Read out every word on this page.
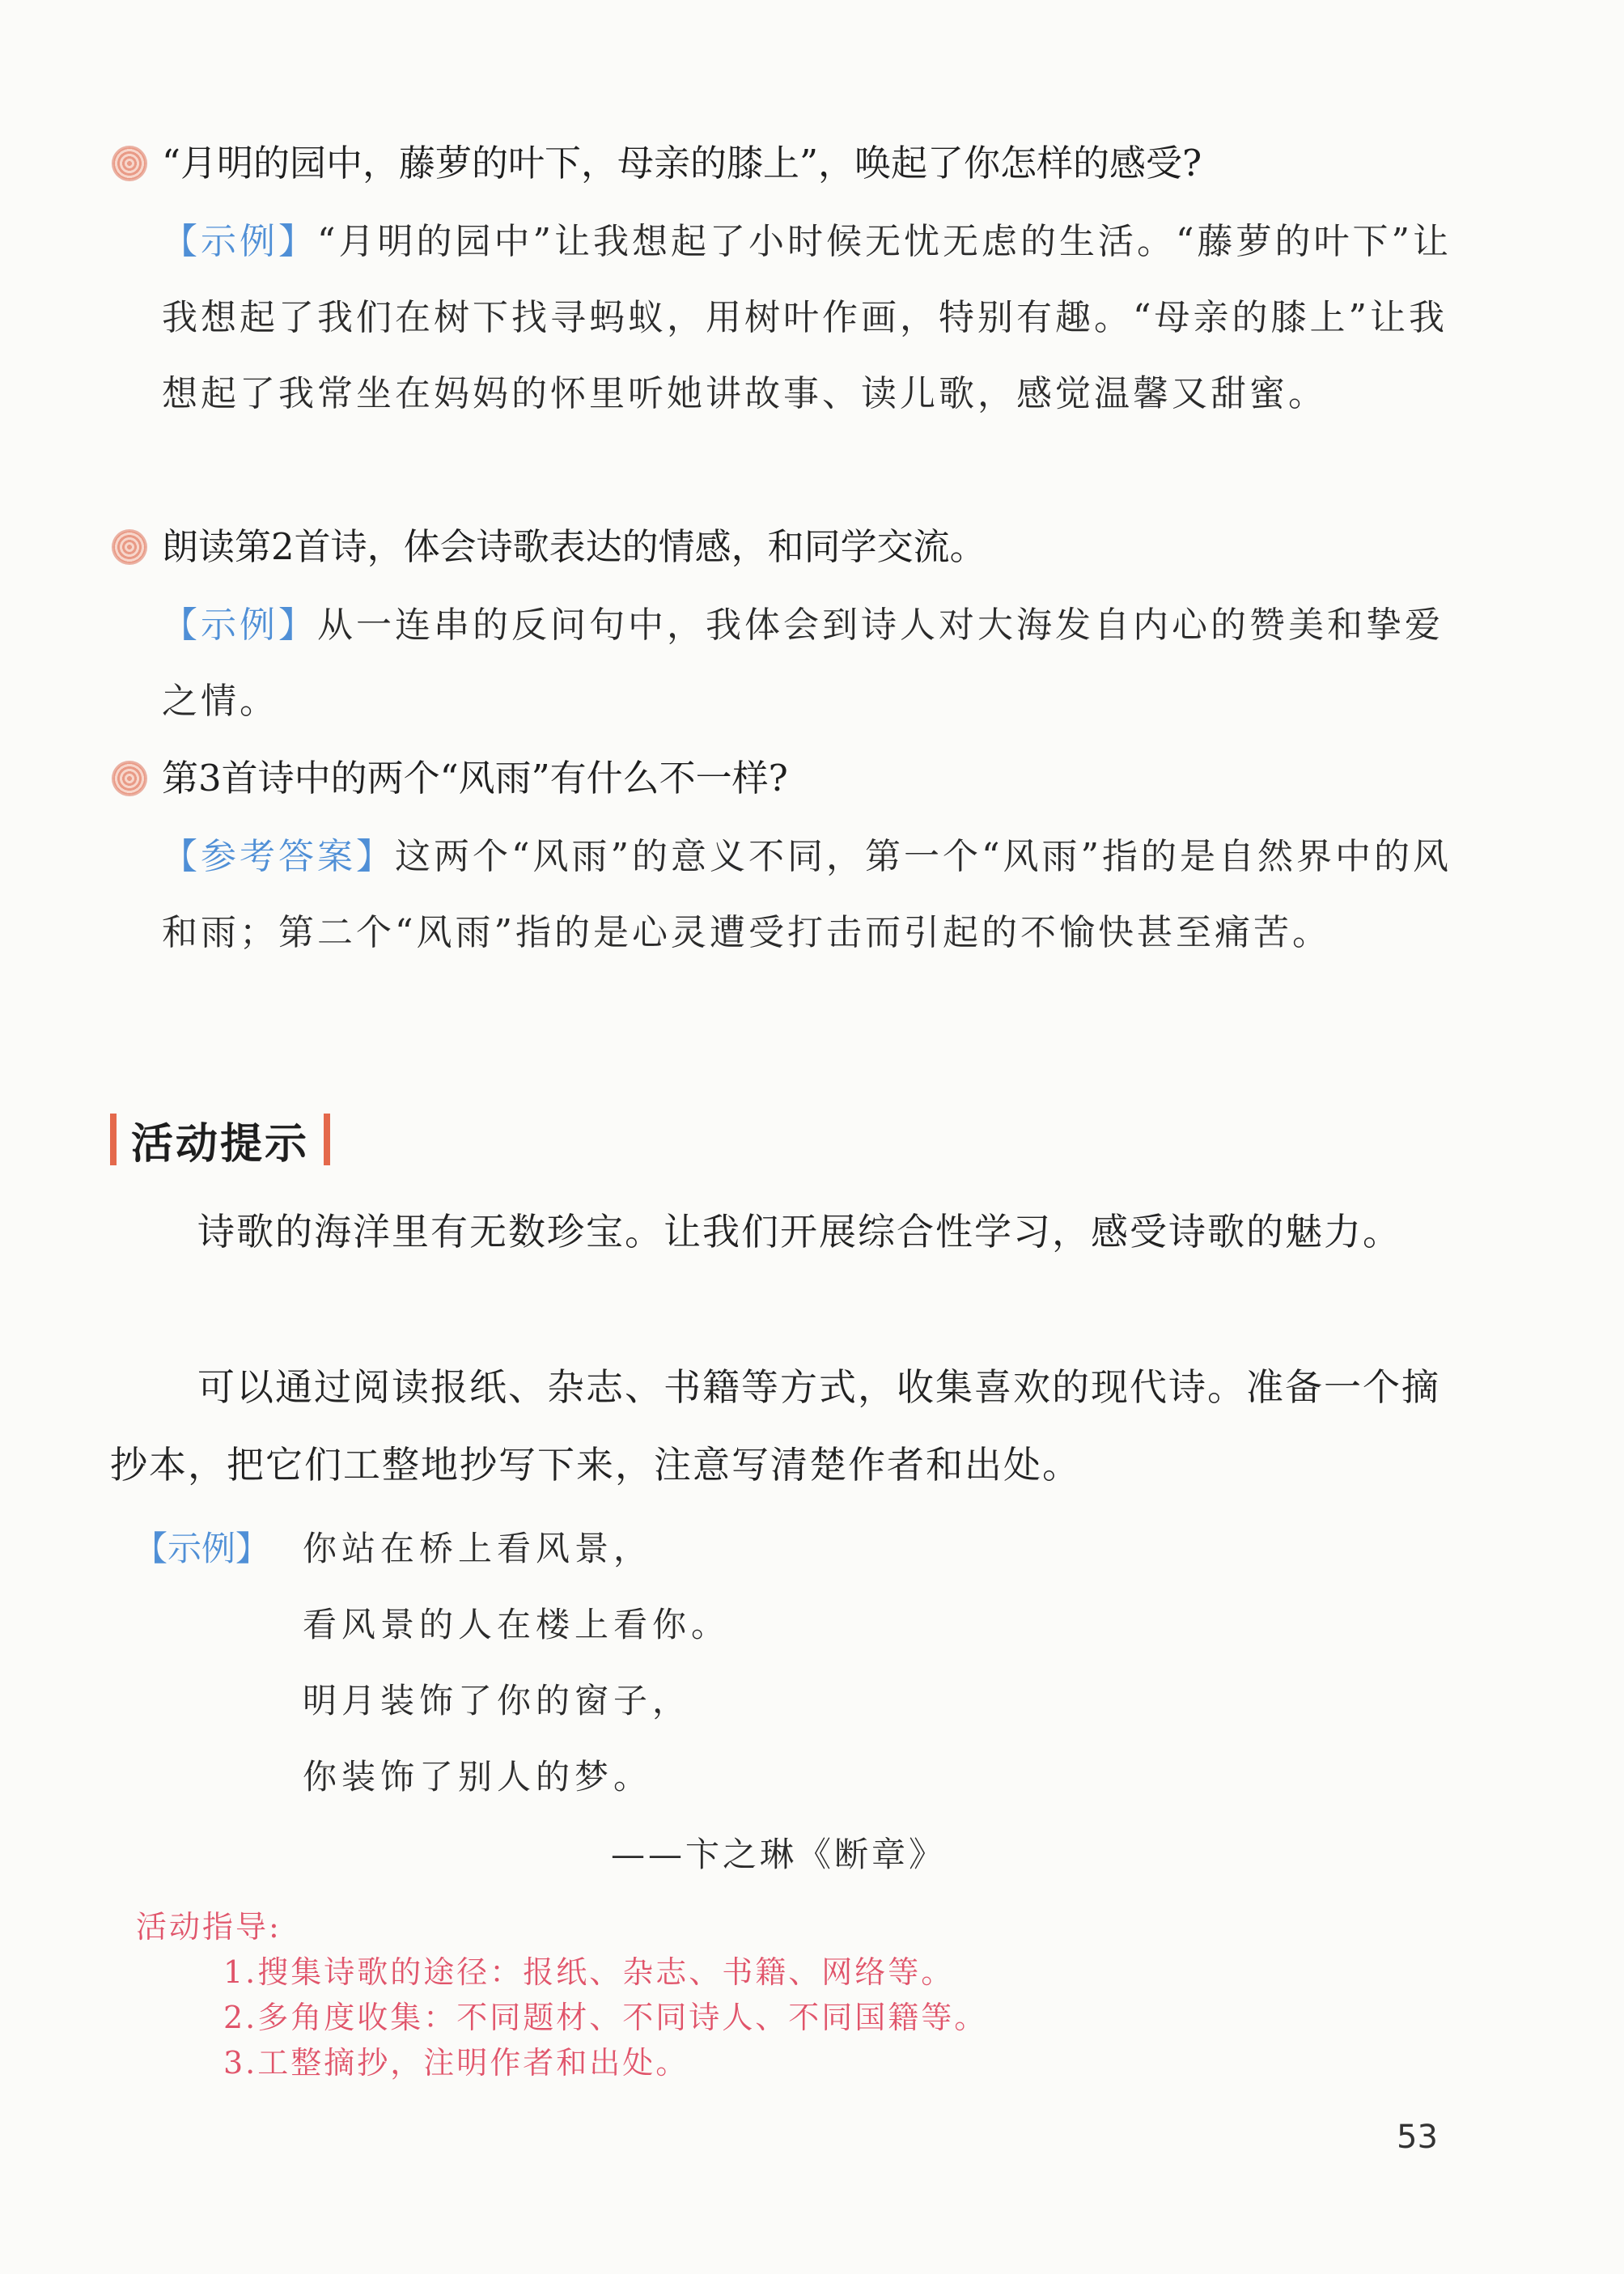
“月明的园中，藤萝的叶下，母亲的膝上”，唤起了你怎样的感受?
【示例】“月明的园中”让我想起了小时候无忧无虑的生活。“藤萝的叶下”让我想起了我们在树下找寻蚂蚁，用树叶作画，特别有趣。“母亲的膝上”让我想起了我常坐在妈妈的怀里听她讲故事、读儿歌，感觉温馨又甜蜜。
朗读第2首诗，体会诗歌表达的情感，和同学交流。
【示例】从一连串的反问句中，我体会到诗人对大海发自内心的赞美和挚爱之情。
第3首诗中的两个“风雨”有什么不一样?
【参考答案】这两个“风雨”的意义不同，第一个“风雨”指的是自然界中的风和雨；第二个“风雨”指的是心灵遭受打击而引起的不愉快甚至痛苦。
活动提示
诗歌的海洋里有无数珍宝。让我们开展综合性学习，感受诗歌的魅力。
可以通过阅读报纸、杂志、书籍等方式，收集喜欢的现代诗。准备一个摘抄本，把它们工整地抄写下来，注意写清楚作者和出处。
【示例】 你站在桥上看风景，
看风景的人在楼上看你。
明月装饰了你的窗子，
你装饰了别人的梦。
——卞之琳《断章》
活动指导:
1.搜集诗歌的途径：报纸、杂志、书籍、网络等。
2.多角度收集：不同题材、不同诗人、不同国籍等。
3.工整摘抄，注明作者和出处。
53
